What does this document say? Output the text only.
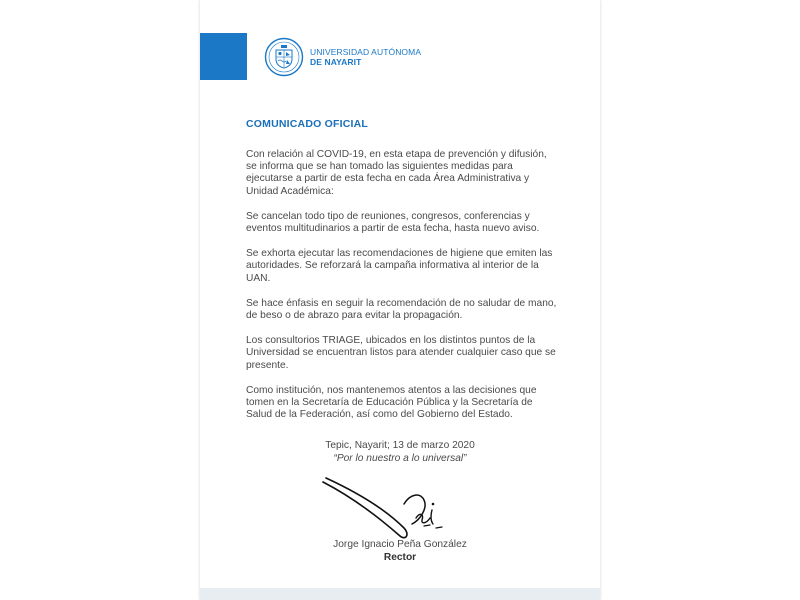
UNIVERSIDAD AUTÓNOMA
DE NAYARIT
COMUNICADO OFICIAL

Con relación al COVID-19, en esta etapa de prevención y difusión, se informa que se han tomado las siguientes medidas para ejecutarse a partir de esta fecha en cada Área Administrativa y Unidad Académica:

Se cancelan todo tipo de reuniones, congresos, conferencias y eventos multitudinarios a partir de esta fecha, hasta nuevo aviso.

Se exhorta ejecutar las recomendaciones de higiene que emiten las autoridades. Se reforzará la campaña informativa al interior de la UAN.

Se hace énfasis en seguir la recomendación de no saludar de mano, de beso o de abrazo para evitar la propagación.

Los consultorios TRIAGE, ubicados en los distintos puntos de la Universidad se encuentran listos para atender cualquier caso que se presente.

Como institución, nos mantenemos atentos a las decisiones que tomen en la Secretaría de Educación Pública y la Secretaría de Salud de la Federación, así como del Gobierno del Estado.

Tepic, Nayarit; 13 de marzo 2020
“Por lo nuestro a lo universal”
Jorge Ignacio Peña González
Rector
